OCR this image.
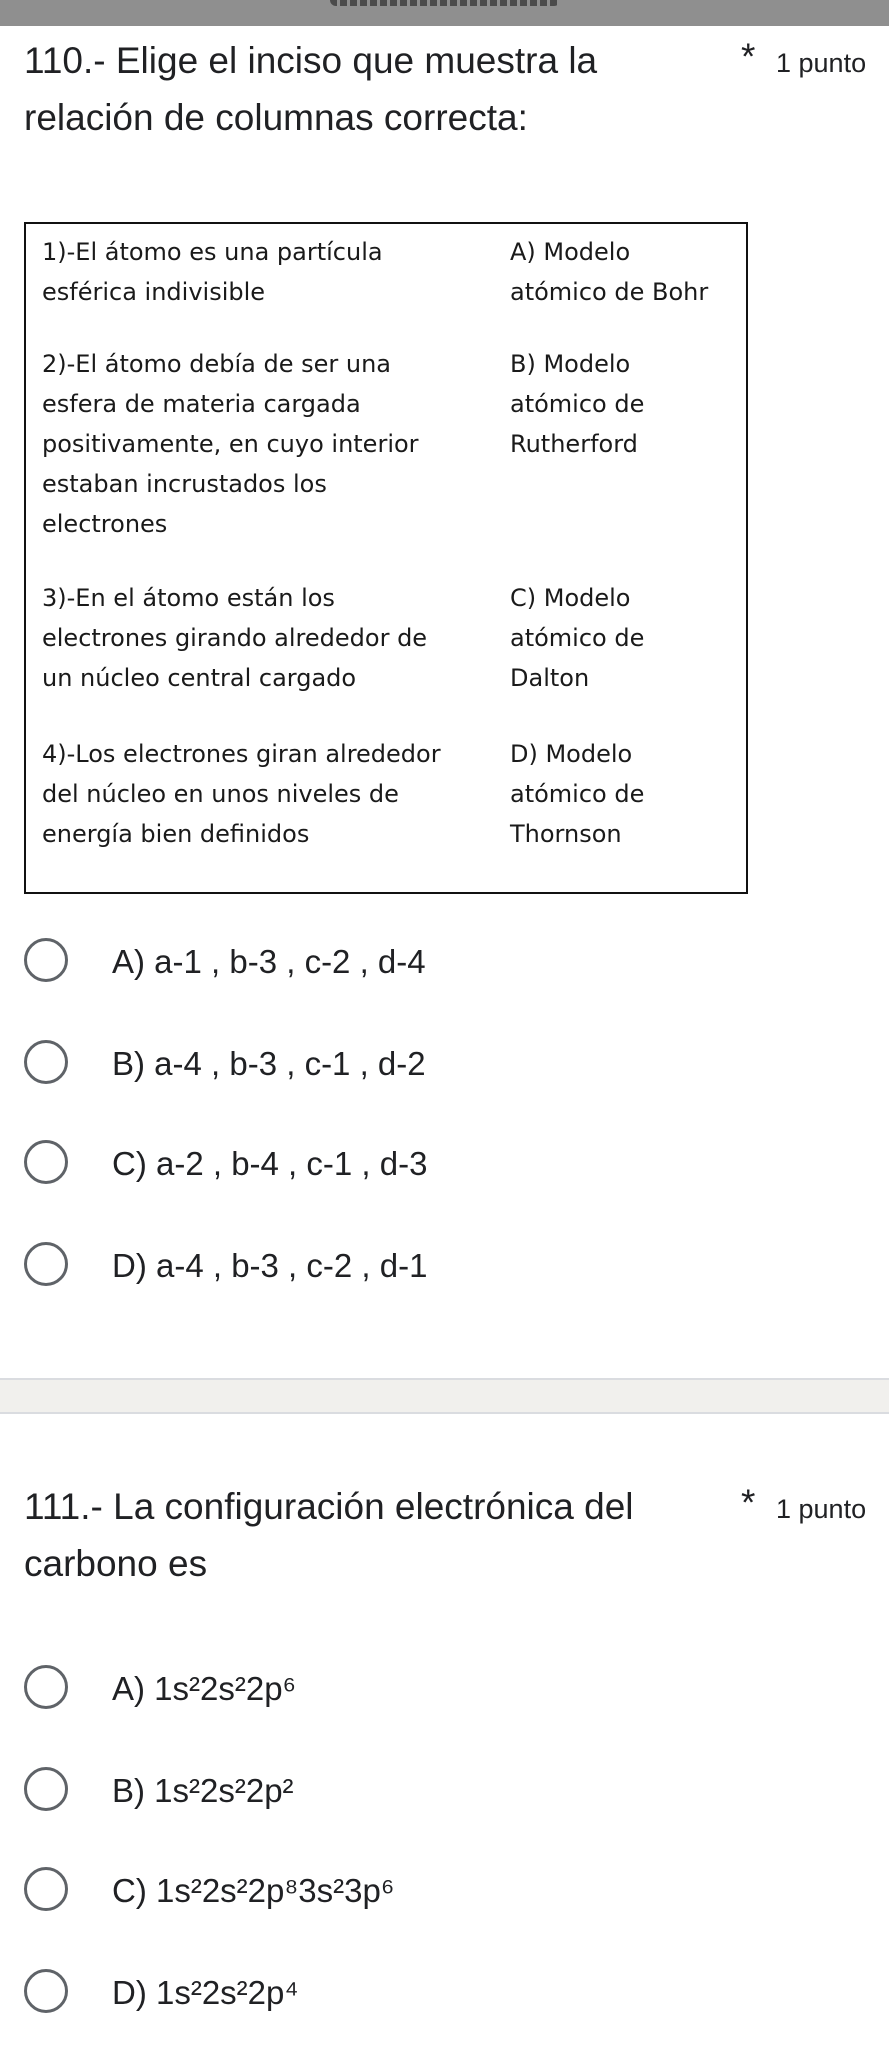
110.- Elige el inciso que muestra la relación de columnas correcta:
* 1 punto
1)-El átomo es una partícula
esférica indivisible
A) Modelo
atómico de Bohr
2)-El átomo debía de ser una
esfera de materia cargada
positivamente, en cuyo interior
estaban incrustados los
electrones
B) Modelo
atómico de
Rutherford
3)-En el átomo están los
electrones girando alrededor de
un núcleo central cargado
C) Modelo
atómico de
Dalton
4)-Los electrones giran alrededor
del núcleo en unos niveles de
energía bien definidos
D) Modelo
atómico de
Thornson
A) a-1 , b-3 , c-2 , d-4
B) a-4 , b-3 , c-1 , d-2
C) a-2 , b-4 , c-1 , d-3
D) a-4 , b-3 , c-2 , d-1
111.- La configuración electrónica del carbono es
* 1 punto
A) 1s²2s²2p⁶
B) 1s²2s²2p²
C) 1s²2s²2p⁸3s²3p⁶
D) 1s²2s²2p⁴
